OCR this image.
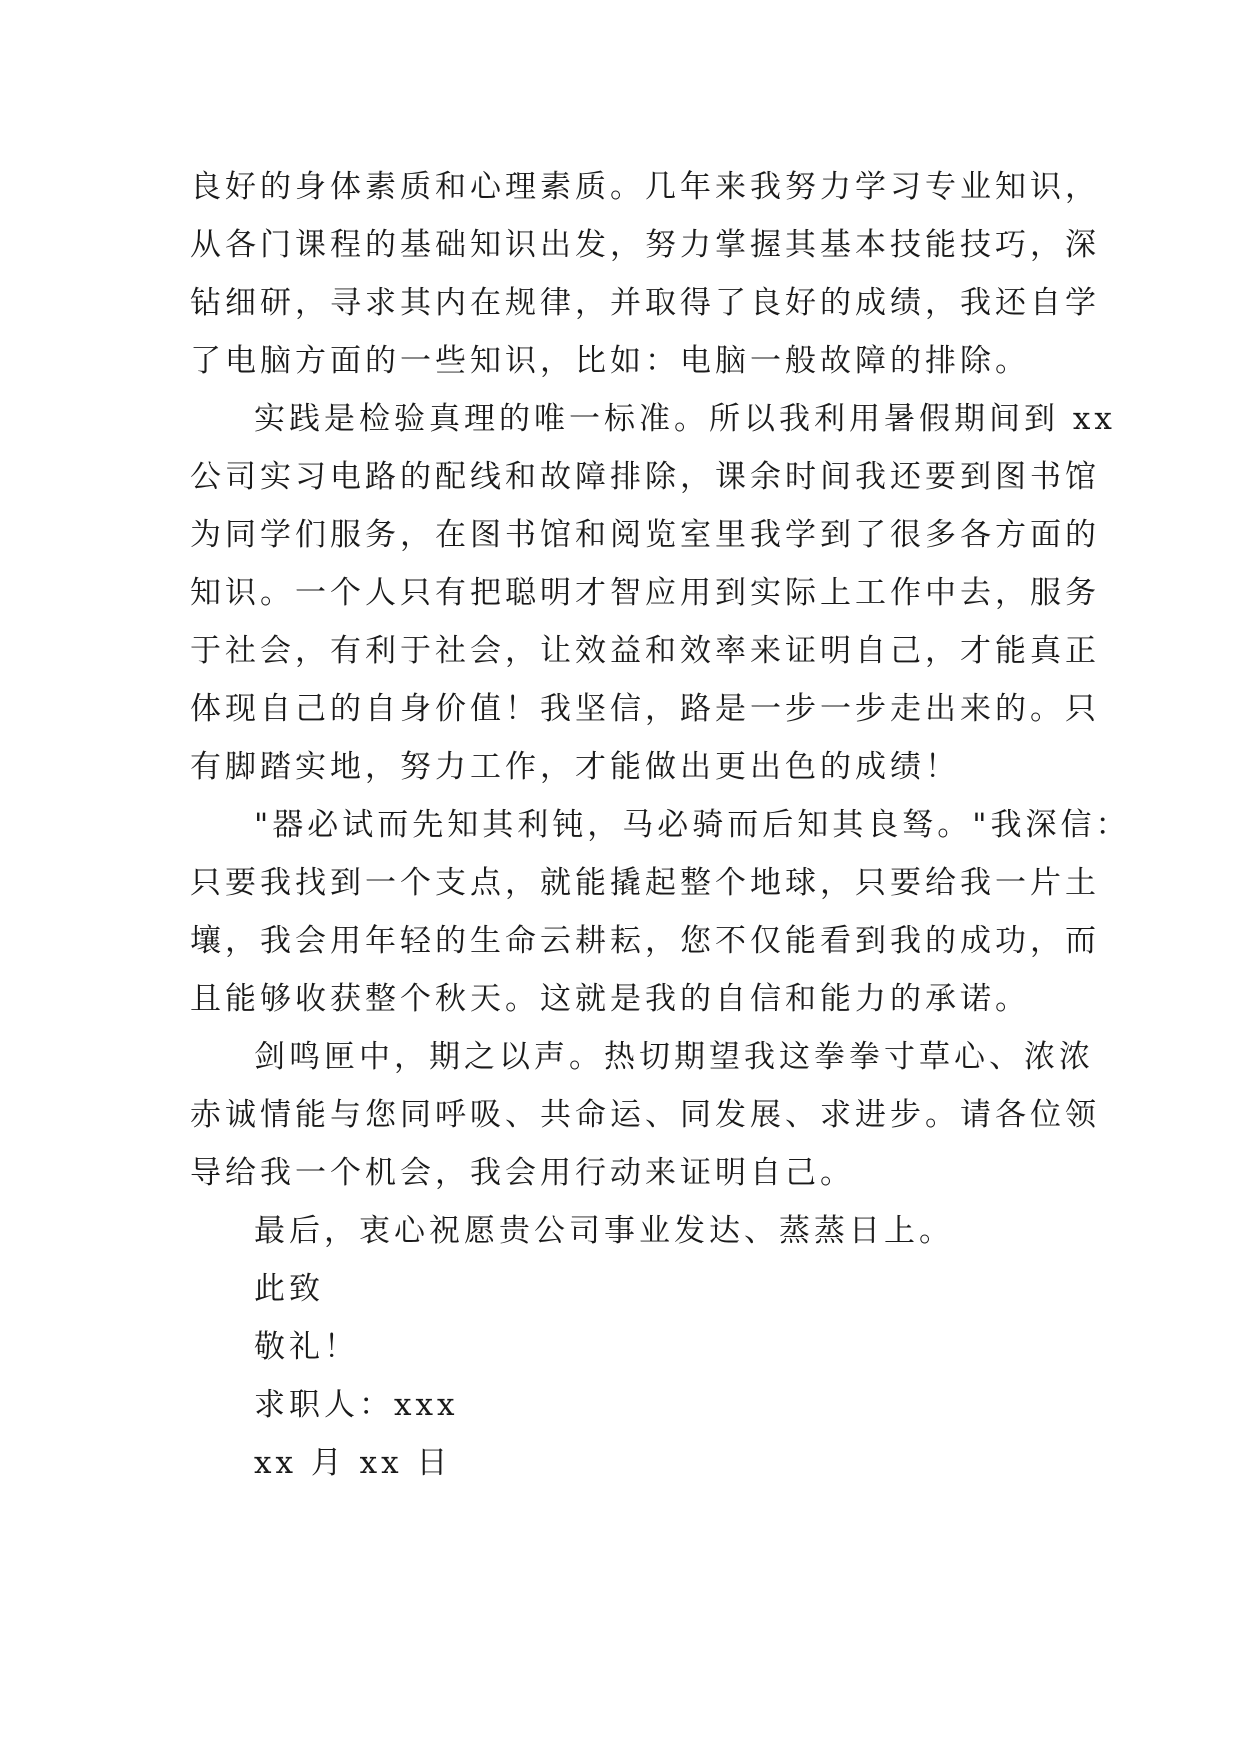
良好的身体素质和心理素质。几年来我努力学习专业知识，
从各门课程的基础知识出发，努力掌握其基本技能技巧，深
钻细研，寻求其内在规律，并取得了良好的成绩，我还自学
了电脑方面的一些知识，比如：电脑一般故障的排除。
实践是检验真理的唯一标准。所以我利用暑假期间到 xx
公司实习电路的配线和故障排除，课余时间我还要到图书馆
为同学们服务，在图书馆和阅览室里我学到了很多各方面的
知识。一个人只有把聪明才智应用到实际上工作中去，服务
于社会，有利于社会，让效益和效率来证明自己，才能真正
体现自己的自身价值！我坚信，路是一步一步走出来的。只
有脚踏实地，努力工作，才能做出更出色的成绩！
"器必试而先知其利钝，马必骑而后知其良驽。"我深信：
只要我找到一个支点，就能撬起整个地球，只要给我一片土
壤，我会用年轻的生命云耕耘，您不仅能看到我的成功，而
且能够收获整个秋天。这就是我的自信和能力的承诺。
剑鸣匣中，期之以声。热切期望我这拳拳寸草心、浓浓
赤诚情能与您同呼吸、共命运、同发展、求进步。请各位领
导给我一个机会，我会用行动来证明自己。
最后，衷心祝愿贵公司事业发达、蒸蒸日上。
此致
敬礼！
求职人：xxx
xx 月 xx 日
